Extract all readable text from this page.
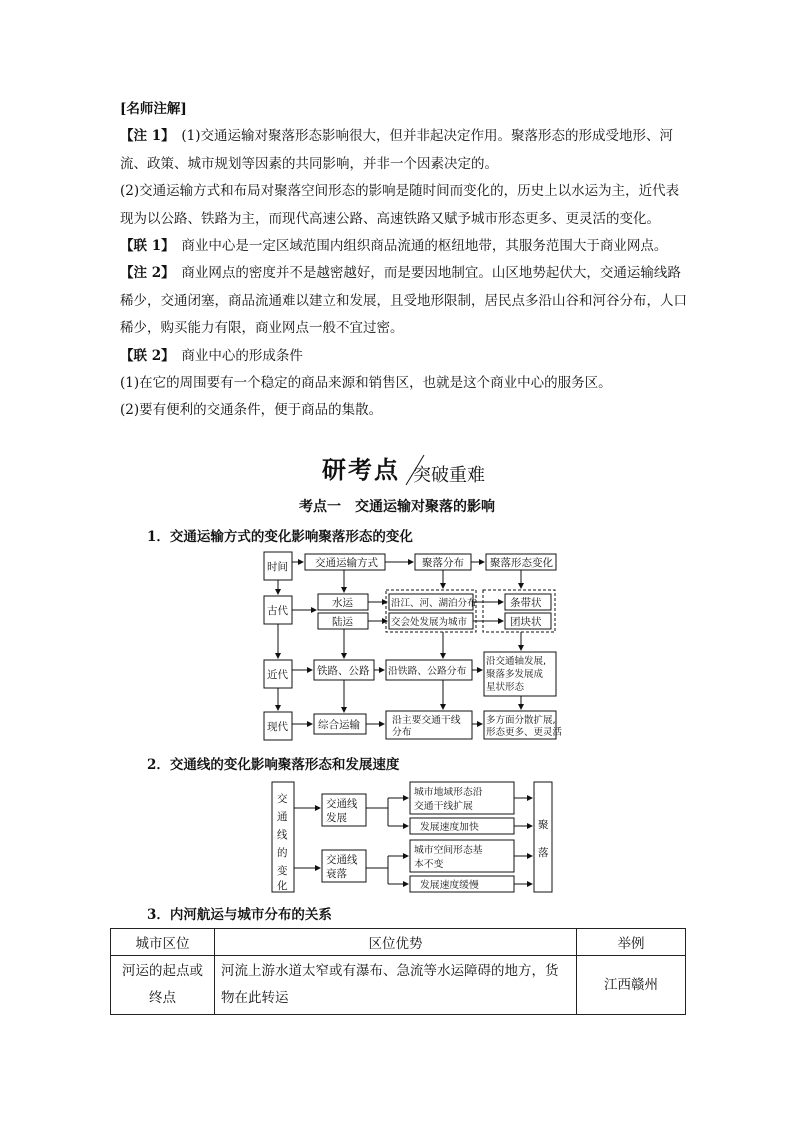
[名师注解]

【注 1】　 (1)交通运输对聚落形态影响很大，但并非起决定作用。聚落形态的形成受地形、河流、政策、城市规划等因素的共同影响，并非一个因素决定的。

(2)交通运输方式和布局对聚落空间形态的影响是随时间而变化的，历史上以水运为主，近代表现为以公路、铁路为主，而现代高速公路、高速铁路又赋予城市形态更多、更灵活的变化。

【联 1】　 商业中心是一定区域范围内组织商品流通的枢纽地带，其服务范围大于商业网点。

【注 2】　 商业网点的密度并不是越密越好，而是要因地制宜。山区地势起伏大，交通运输线路稀少，交通闭塞，商品流通难以建立和发展，且受地形限制，居民点多沿山谷和河谷分布，人口稀少，购买能力有限，商业网点一般不宜过密。

【联 2】　 商业中心的形成条件

(1)在它的周围要有一个稳定的商品来源和销售区，也就是这个商业中心的服务区。

(2)要有便利的交通条件，便于商品的集散。

研考点 突破重难
考点一　交通运输对聚落的影响
1．交通运输方式的变化影响聚落形态的变化
时间	交通运输方式	聚落分布 聚落形态变化
古代
水运
陆运
沿江、河、湖泊分布
交会处发展为城市
条带状
团块状
近代	铁路、公路 沿铁路、公路分布
沿交通轴发展,
聚落多发展成
星状形态
现代	综合运输	沿主要交通干线
分布
多方面分散扩展,
形态更多、更灵活
2．交通线的变化影响聚落形态和发展速度
交
通
线
的
变
化
交通线
发展
交通线
衰落
城市地域形态沿
交通干线扩展
发展速度加快
城市空间形态基
本不变
发展速度缓慢
聚
落
3．内河航运与城市分布的关系
城市区位	区位优势	举例
河运的起点或终点	河流上游水道太窄或有瀑布、急流等水运障碍的地方，货物在此转运	江西赣州
